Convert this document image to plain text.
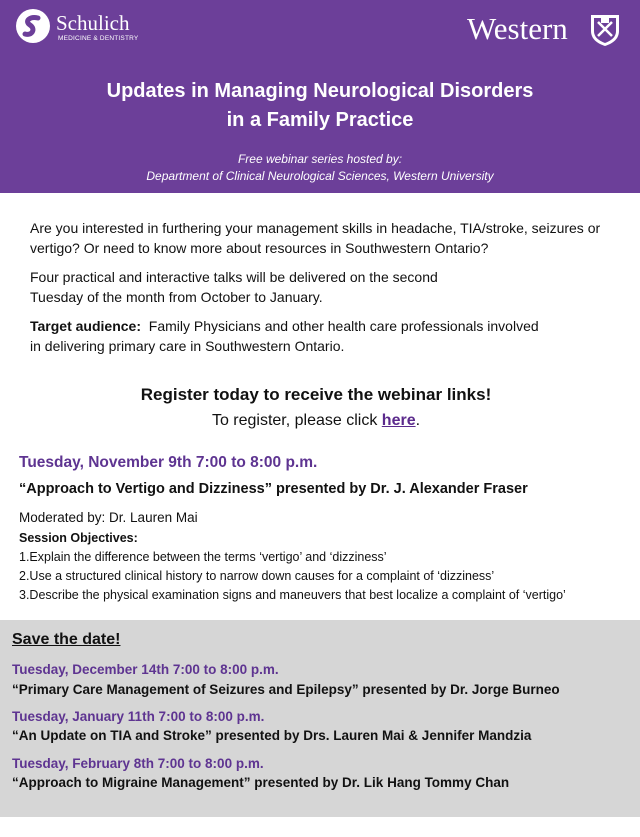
Schulich
MEDICINE & DENTISTRY	Western
Updates in Managing Neurological Disorders
in a Family Practice
Free webinar series hosted by:
Department of Clinical Neurological Sciences, Western University
Are you interested in furthering your management skills in headache, TIA/stroke, seizures or vertigo? Or need to know more about resources in Southwestern Ontario?
Four practical and interactive talks will be delivered on the second Tuesday of the month from October to January.
Target audience: Family Physicians and other health care professionals involved in delivering primary care in Southwestern Ontario.
Register today to receive the webinar links!
To register, please click here.
Tuesday, November 9th 7:00 to 8:00 p.m.
“Approach to Vertigo and Dizziness” presented by Dr. J. Alexander Fraser
Moderated by: Dr. Lauren Mai
Session Objectives:
1.Explain the difference between the terms ‘vertigo’ and ‘dizziness’
2.Use a structured clinical history to narrow down causes for a complaint of ‘dizziness’
3.Describe the physical examination signs and maneuvers that best localize a complaint of ‘vertigo’
Save the date!
Tuesday, December 14th 7:00 to 8:00 p.m.
“Primary Care Management of Seizures and Epilepsy” presented by Dr. Jorge Burneo
Tuesday, January 11th 7:00 to 8:00 p.m.
“An Update on TIA and Stroke” presented by Drs. Lauren Mai & Jennifer Mandzia
Tuesday, February 8th 7:00 to 8:00 p.m.
“Approach to Migraine Management” presented by Dr. Lik Hang Tommy Chan
